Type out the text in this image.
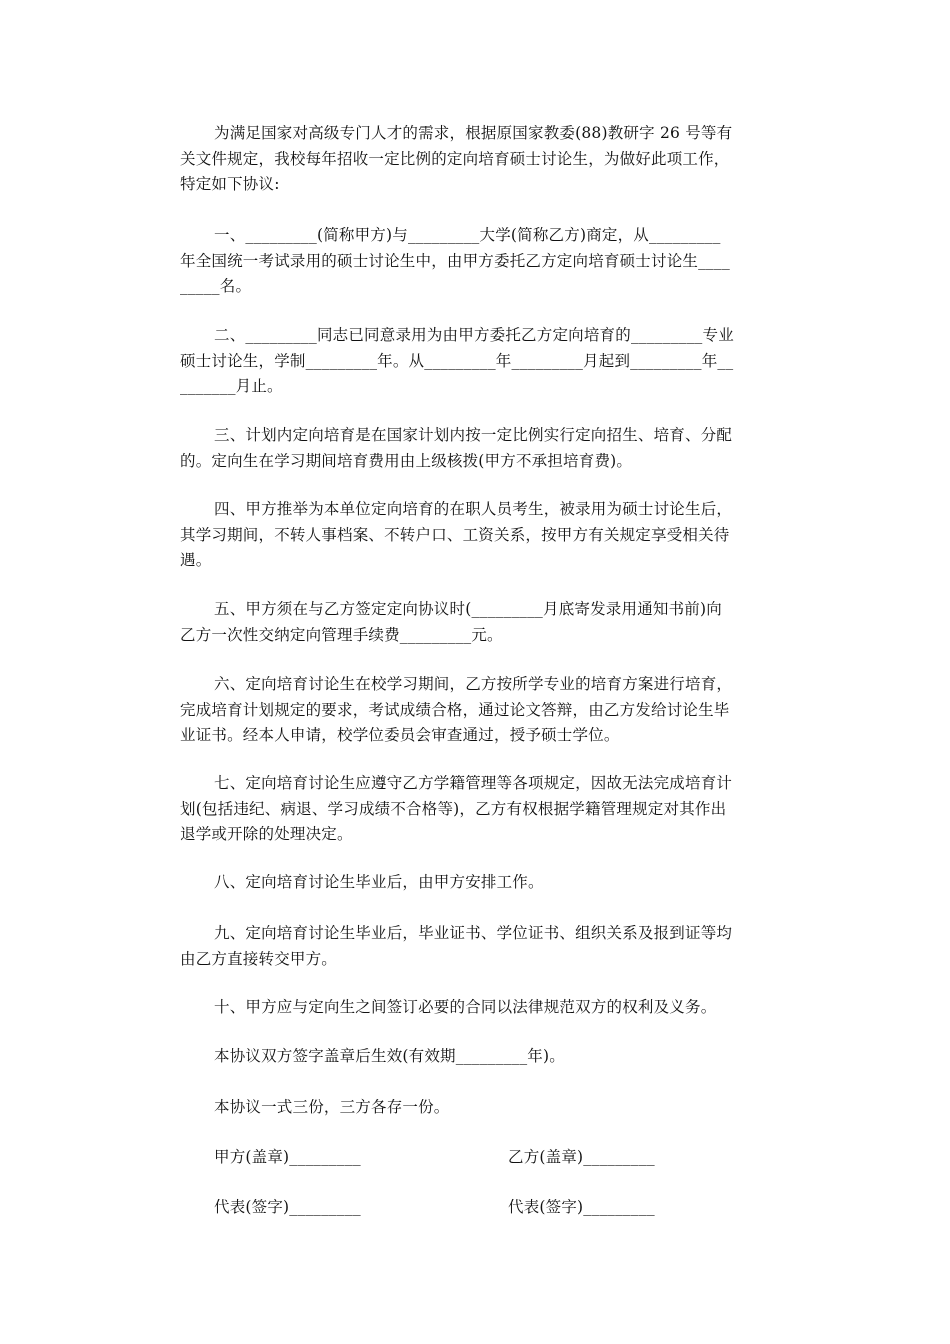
为满足国家对高级专门人才的需求，根据原国家教委(88)教研字 26 号等有
关文件规定，我校每年招收一定比例的定向培育硕士讨论生，为做好此项工作，
特定如下协议:
一、_________(简称甲方)与_________大学(简称乙方)商定，从_________
年全国统一考试录用的硕士讨论生中，由甲方委托乙方定向培育硕士讨论生____
_____名。
二、_________同志已同意录用为由甲方委托乙方定向培育的_________专业
硕士讨论生，学制_________年。从_________年_________月起到_________年__
_______月止。
三、计划内定向培育是在国家计划内按一定比例实行定向招生、培育、分配
的。定向生在学习期间培育费用由上级核拨(甲方不承担培育费)。
四、甲方推举为本单位定向培育的在职人员考生，被录用为硕士讨论生后，
其学习期间，不转人事档案、不转户口、工资关系，按甲方有关规定享受相关待
遇。
五、甲方须在与乙方签定定向协议时(_________月底寄发录用通知书前)向
乙方一次性交纳定向管理手续费_________元。
六、定向培育讨论生在校学习期间，乙方按所学专业的培育方案进行培育，
完成培育计划规定的要求，考试成绩合格，通过论文答辩，由乙方发给讨论生毕
业证书。经本人申请，校学位委员会审查通过，授予硕士学位。
七、定向培育讨论生应遵守乙方学籍管理等各项规定，因故无法完成培育计
划(包括违纪、病退、学习成绩不合格等)，乙方有权根据学籍管理规定对其作出
退学或开除的处理决定。
八、定向培育讨论生毕业后，由甲方安排工作。
九、定向培育讨论生毕业后，毕业证书、学位证书、组织关系及报到证等均
由乙方直接转交甲方。
十、甲方应与定向生之间签订必要的合同以法律规范双方的权利及义务。
本协议双方签字盖章后生效(有效期_________年)。
本协议一式三份，三方各存一份。
甲方(盖章)_________	乙方(盖章)_________
代表(签字)_________	代表(签字)_________
